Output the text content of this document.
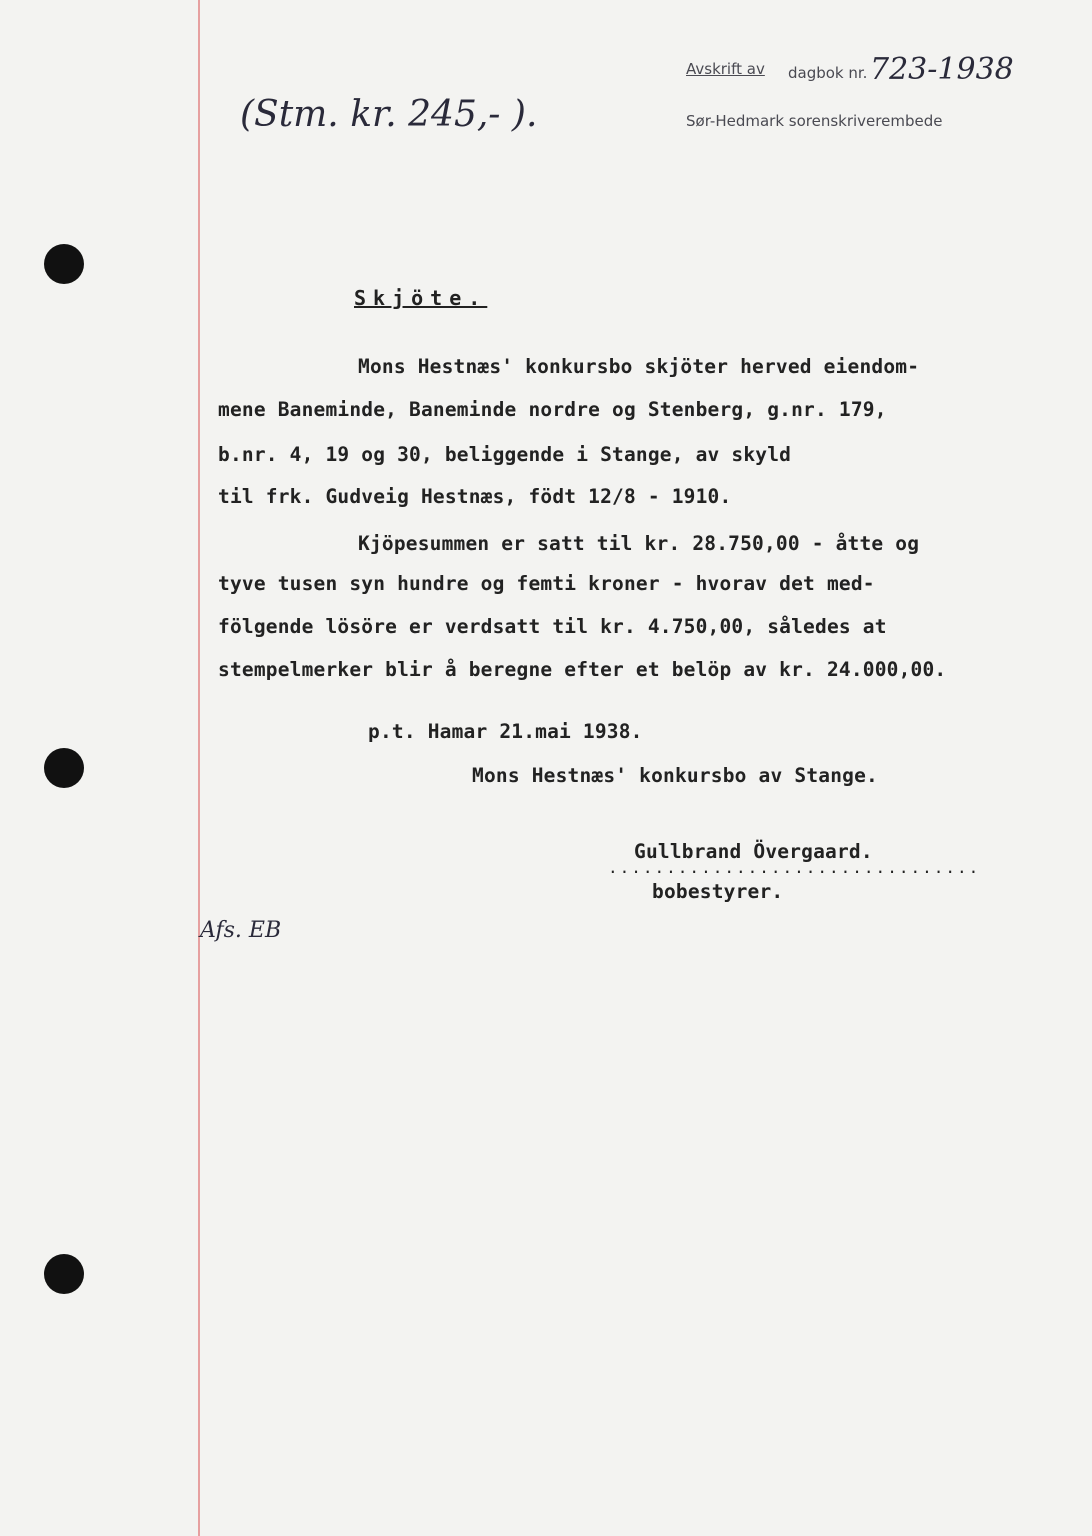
Avskrift av dagbok nr. 723-1938
Sør-Hedmark sorenskriverembede
(Stm. kr. 245,- ).
Afs. EB
Skjöte.
Mons Hestnæs' konkursbo skjöter herved eiendom-
mene Baneminde, Baneminde nordre og Stenberg, g.nr. 179,
b.nr. 4, 19 og 30, beliggende i Stange, av skyld
til frk. Gudveig Hestnæs, födt 12/8 - 1910.
Kjöpesummen er satt til kr. 28.750,00 - åtte og
tyve tusen syn hundre og femti kroner - hvorav det med-
fölgende lösöre er verdsatt til kr. 4.750,00, således at
stempelmerker blir å beregne efter et belöp av kr. 24.000,00.
p.t. Hamar 21.mai 1938.
Mons Hestnæs' konkursbo av Stange.
Gullbrand Övergaard.
................................
bobestyrer.
